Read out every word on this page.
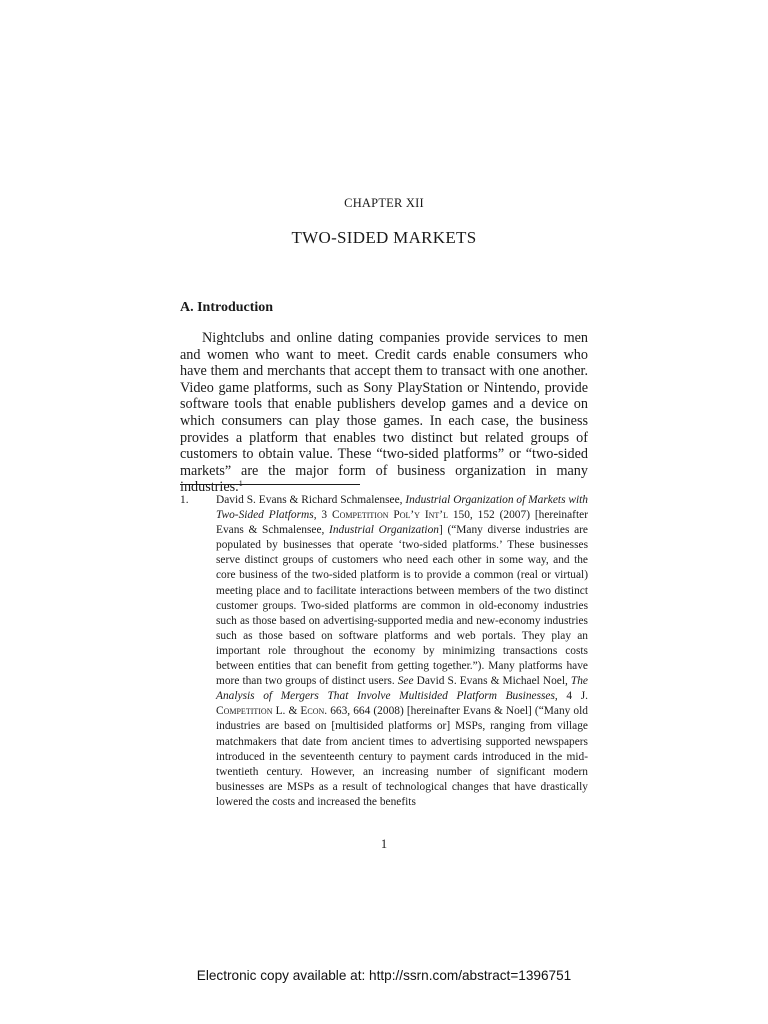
CHAPTER XII
TWO-SIDED MARKETS
A. Introduction

Nightclubs and online dating companies provide services to men and women who want to meet. Credit cards enable consumers who have them and merchants that accept them to transact with one another. Video game platforms, such as Sony PlayStation or Nintendo, provide software tools that enable publishers develop games and a device on which consumers can play those games. In each case, the business provides a platform that enables two distinct but related groups of customers to obtain value. These “two-sided platforms” or “two-sided markets” are the major form of business organization in many industries.$^1$

1. David S. Evans & Richard Schmalensee, Industrial Organization of Markets with Two-Sided Platforms, 3 Competition Pol’y Int’l 150, 152 (2007) [hereinafter Evans & Schmalensee, Industrial Organization] (“Many diverse industries are populated by businesses that operate ‘two-sided platforms.’ These businesses serve distinct groups of customers who need each other in some way, and the core business of the two-sided platform is to provide a common (real or virtual) meeting place and to facilitate interactions between members of the two distinct customer groups. Two-sided platforms are common in old-economy industries such as those based on advertising-supported media and new-economy industries such as those based on software platforms and web portals. They play an important role throughout the economy by minimizing transactions costs between entities that can benefit from getting together.”). Many platforms have more than two groups of distinct users. See David S. Evans & Michael Noel, The Analysis of Mergers That Involve Multisided Platform Businesses, 4 J. Competition L. & Econ. 663, 664 (2008) [hereinafter Evans & Noel] (“Many old industries are based on [multisided platforms or] MSPs, ranging from village matchmakers that date from ancient times to advertising supported newspapers introduced in the seventeenth century to payment cards introduced in the mid-twentieth century. However, an increasing number of significant modern businesses are MSPs as a result of technological changes that have drastically lowered the costs and increased the benefits

1
Electronic copy available at: http://ssrn.com/abstract=1396751
